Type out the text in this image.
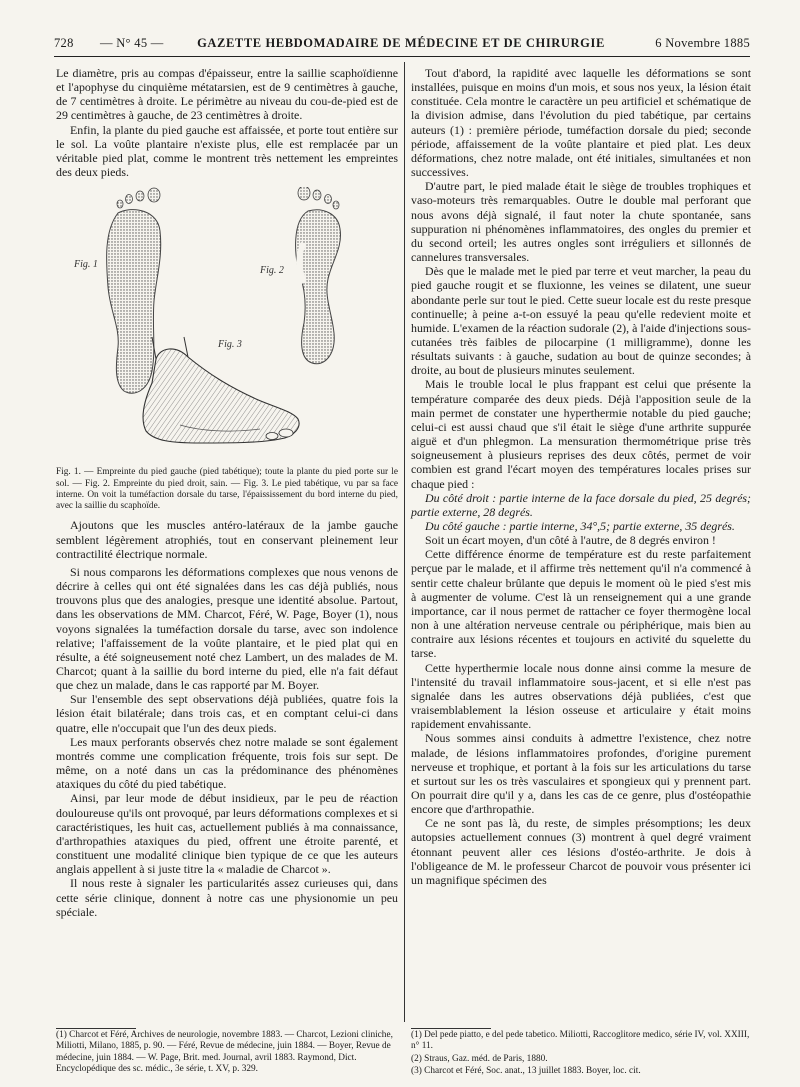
728	— N° 45 —	GAZETTE HEBDOMADAIRE DE MÉDECINE ET DE CHIRURGIE	6 Novembre 1885

Le diamètre, pris au compas d'épaisseur, entre la saillie scaphoïdienne et l'apophyse du cinquième métatarsien, est de 9 centimètres à gauche, de 7 centimètres à droite. Le périmètre au niveau du cou-de-pied est de 29 centimètres à gauche, de 23 centimètres à droite.

Enfin, la plante du pied gauche est affaissée, et porte tout entière sur le sol. La voûte plantaire n'existe plus, elle est remplacée par un véritable pied plat, comme le montrent très nettement les empreintes des deux pieds.

Fig. 1
Fig. 2
Fig. 3
Fig. 1. — Empreinte du pied gauche (pied tabétique); toute la plante du pied porte sur le sol. — Fig. 2. Empreinte du pied droit, sain. — Fig. 3. Le pied tabétique, vu par sa face interne. On voit la tuméfaction dorsale du tarse, l'épaississement du bord interne du pied, avec la saillie du scaphoïde.

Ajoutons que les muscles antéro-latéraux de la jambe gauche semblent légèrement atrophiés, tout en conservant pleinement leur contractilité électrique normale.

Si nous comparons les déformations complexes que nous venons de décrire à celles qui ont été signalées dans les cas déjà publiés, nous trouvons plus que des analogies, presque une identité absolue. Partout, dans les observations de MM. Charcot, Féré, W. Page, Boyer (1), nous voyons signalées la tuméfaction dorsale du tarse, avec son indolence relative; l'affaissement de la voûte plantaire, et le pied plat qui en résulte, a été soigneusement noté chez Lambert, un des malades de M. Charcot; quant à la saillie du bord interne du pied, elle n'a fait défaut que chez un malade, dans le cas rapporté par M. Boyer.

Sur l'ensemble des sept observations déjà publiées, quatre fois la lésion était bilatérale; dans trois cas, et en comptant celui-ci dans quatre, elle n'occupait que l'un des deux pieds.

Les maux perforants observés chez notre malade se sont également montrés comme une complication fréquente, trois fois sur sept. De même, on a noté dans un cas la prédominance des phénomènes ataxiques du côté du pied tabétique.

Ainsi, par leur mode de début insidieux, par le peu de réaction douloureuse qu'ils ont provoqué, par leurs déformations complexes et si caractéristiques, les huit cas, actuellement publiés à ma connaissance, d'arthropathies ataxiques du pied, offrent une étroite parenté, et constituent une modalité clinique bien typique de ce que les auteurs anglais appellent à si juste titre la « maladie de Charcot ».

Il nous reste à signaler les particularités assez curieuses qui, dans cette série clinique, donnent à notre cas une physionomie un peu spéciale.

Tout d'abord, la rapidité avec laquelle les déformations se sont installées, puisque en moins d'un mois, et sous nos yeux, la lésion était constituée. Cela montre le caractère un peu artificiel et schématique de la division admise, dans l'évolution du pied tabétique, par certains auteurs (1) : première période, tuméfaction dorsale du pied; seconde période, affaissement de la voûte plantaire et pied plat. Les deux déformations, chez notre malade, ont été initiales, simultanées et non successives.

D'autre part, le pied malade était le siège de troubles trophiques et vaso-moteurs très remarquables. Outre le double mal perforant que nous avons déjà signalé, il faut noter la chute spontanée, sans suppuration ni phénomènes inflammatoires, des ongles du premier et du second orteil; les autres ongles sont irréguliers et sillonnés de cannelures transversales.

Dès que le malade met le pied par terre et veut marcher, la peau du pied gauche rougit et se fluxionne, les veines se dilatent, une sueur abondante perle sur tout le pied. Cette sueur locale est du reste presque continuelle; à peine a-t-on essuyé la peau qu'elle redevient moite et humide. L'examen de la réaction sudorale (2), à l'aide d'injections sous-cutanées très faibles de pilocarpine (1 milligramme), donne les résultats suivants : à gauche, sudation au bout de quinze secondes; à droite, au bout de plusieurs minutes seulement.

Mais le trouble local le plus frappant est celui que présente la température comparée des deux pieds. Déjà l'apposition seule de la main permet de constater une hyperthermie notable du pied gauche; celui-ci est aussi chaud que s'il était le siège d'une arthrite suppurée aiguë et d'un phlegmon. La mensuration thermométrique prise très soigneusement à plusieurs reprises des deux côtés, permet de voir combien est grand l'écart moyen des températures locales prises sur chaque pied :

Du côté droit : partie interne de la face dorsale du pied, 25 degrés; partie externe, 28 degrés.

Du côté gauche : partie interne, 34°,5; partie externe, 35 degrés.

Soit un écart moyen, d'un côté à l'autre, de 8 degrés environ !

Cette différence énorme de température est du reste parfaitement perçue par le malade, et il affirme très nettement qu'il n'a commencé à sentir cette chaleur brûlante que depuis le moment où le pied s'est mis à augmenter de volume. C'est là un renseignement qui a une grande importance, car il nous permet de rattacher ce foyer thermogène local non à une altération nerveuse centrale ou périphérique, mais bien au contraire aux lésions récentes et toujours en activité du squelette du tarse.

Cette hyperthermie locale nous donne ainsi comme la mesure de l'intensité du travail inflammatoire sous-jacent, et si elle n'est pas signalée dans les autres observations déjà publiées, c'est que vraisemblablement la lésion osseuse et articulaire y était moins rapidement envahissante.

Nous sommes ainsi conduits à admettre l'existence, chez notre malade, de lésions inflammatoires profondes, d'origine purement nerveuse et trophique, et portant à la fois sur les articulations du tarse et surtout sur les os très vasculaires et spongieux qui y prennent part. On pourrait dire qu'il y a, dans les cas de ce genre, plus d'ostéopathie encore que d'arthropathie.

Ce ne sont pas là, du reste, de simples présomptions; les deux autopsies actuellement connues (3) montrent à quel degré vraiment étonnant peuvent aller ces lésions d'ostéo-arthrite. Je dois à l'obligeance de M. le professeur Charcot de pouvoir vous présenter ici un magnifique spécimen des

(1) Charcot et Féré, Archives de neurologie, novembre 1883. — Charcot, Lezioni cliniche, Miliotti, Milano, 1885, p. 90. — Féré, Revue de médecine, juin 1884. — Boyer, Revue de médecine, juin 1884. — W. Page, Brit. med. Journal, avril 1883. Raymond, Dict. Encyclopédique des sc. médic., 3e série, t. XV, p. 329.
(1) Del pede piatto, e del pede tabetico. Miliotti, Raccoglitore medico, série IV, vol. XXIII, n° 11.
(2) Straus, Gaz. méd. de Paris, 1880.
(3) Charcot et Féré, Soc. anat., 13 juillet 1883. Boyer, loc. cit.
